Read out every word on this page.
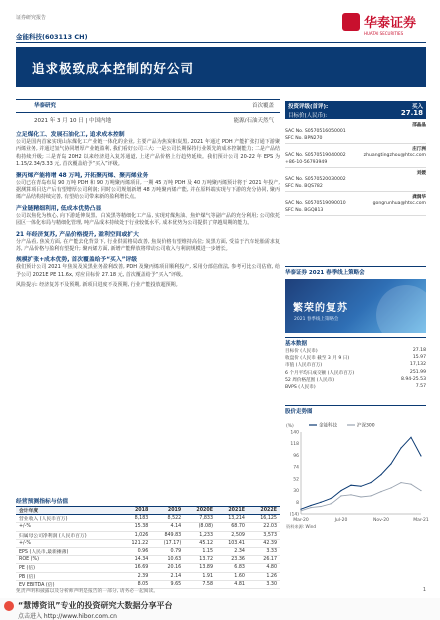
证券研究报告
金能科技(603113 CH)
华泰证券
HUATAI SECURITIES
追求极致成本控制的好公司
华泰研究	首次覆盖
2021 年 3 月 10 日 | 中国内地	能源/石油天然气
立足煤化工、发展石油化工, 追求成本控制
公司是国内首家实现山东煤化工产业链一体化的企业, 主要产品为焦炭和炭黑, 2021 年通过 PDH 产能扩张打通下游聚丙烯业务, 并通过氢气协同增厚产业链盈利, 我们看好公司三大: 一是公司长期保持行业领先的成本控制能力; 二是产品结构持续升级; 三是青岛 20H2 以来经济进入复苏通道, 上述产品价格上行趋势延续。我们预计公司 20-22 年 EPS 为 1.15/2.34/3.33 元, 首次覆盖给予“买入”评级。
聚丙烯产能将增 48 万吨, 开拓聚丙烯、聚丙烯业务
公司已在青岛布局 90 万吨 PDH 和 90 万吨聚丙烯项目, 一期 45 万吨 PDH 及 40 万吨聚丙烯预计将于 2021 年投产, 据测算项目达产后有望增厚公司利润; 同时公司规划新增 48 万吨聚丙烯产能, 并在原料端实现与下游的充分协同, 聚丙烯产品结构持续完善, 有望给公司带来新的盈利增长点。
产业链精细利用, 低成本优势凸显
公司以焦化为核心, 向下游延伸炭黑、白炭黑等精细化工产品, 实现对煤焦油、焦炉煤气等副产品的充分利用; 公司依托园区一体化布局与精细化管理, 吨产品成本持续处于行业较低水平, 成本优势为公司提供了穿越周期的能力。
21 年经济复苏, 产品价格提升, 盈利空间或扩大
分产品看, 焦炭方面, 在产能去化背景下, 行业供需格局改善, 焦炭价格有望维持高位; 炭黑方面, 受益于汽车轮胎需求复苏, 产品价格与盈利有望提升; 聚丙烯方面, 新增产能释放将带动公司收入与利润规模进一步增长。
规模扩张+成本优势, 首次覆盖给予“买入”评级
我们预计公司 2021 年焦炭及炭黑业务盈利改善, PDH 及聚丙烯项目顺利投产, 采用分部估值法, 参考可比公司估值, 给予公司 2021E PE 11.6x, 对应目标价 27.18 元, 首次覆盖给予“买入”评级。
风险提示: 经济复苏不及预期, 新项目进度不及预期, 行业产能投放超预期。
投资评级(首评):	买入
目标价(人民币):	27.18
邵晶晶
SAC No. S0570516050001
SFC No. BPN270
庄汀洲
SAC No. S0570519040002	zhuangtingzhou@htsc.com
+86-10-56793949
刘媛
SAC No. S0570520030002
SFC No. BQS782
龚润华
SAC No. S0570519090010	gongrunhua@htsc.com
SFC No. BGQ813
华泰证券 2021 春季线上策略会
繁荣的复苏
2021 春季线上策略会
基本数据
目标价 (人民币)	27.18
收盘价 (人民币 截至 3 月 9 日)	15.97
市值 (人民币百万)	17,132
6 个月平均日成交额 (人民币百万)	251.99
52 周价格范围 (人民币)	8.94-25.53
BVPS (人民币)	7.57
股价走势图
(%)
140
118
96
74
52
30
8
(14)
Mar-20	Jul-20	Nov-20	Mar-21
金能科技	沪深300
资料来源: Wind
经营预测指标与估值
会计年度	2018	2019	2020E	2021E	2022E
营业收入 (人民币百万)	8,183	8,522	7,833	13,214	16,125
+/-%	15.38	4.14	(8.08)	68.70	22.03
归属母公司净利润 (人民币百万)	1,026	849.83	1,233	2,509	3,573
+/-%	121.22	(17.17)	45.12	103.41	42.39
EPS (人民币,最新摊薄)	0.96	0.79	1.15	2.34	3.33
ROE (%)	14.34	10.63	13.72	23.36	26.17
PE (倍)	16.69	20.16	13.89	6.83	4.80
PB (倍)	2.39	2.14	1.91	1.60	1.26
EV EBITDA (倍)	8.05	9.65	7.58	4.81	3.30
免责声明和披露以及分析师声明是报告的一部分, 请务必一起阅读。	1
“慧博资讯”专业的投资研究大数据分享平台
点击进入 http://www.hibor.com.cn
